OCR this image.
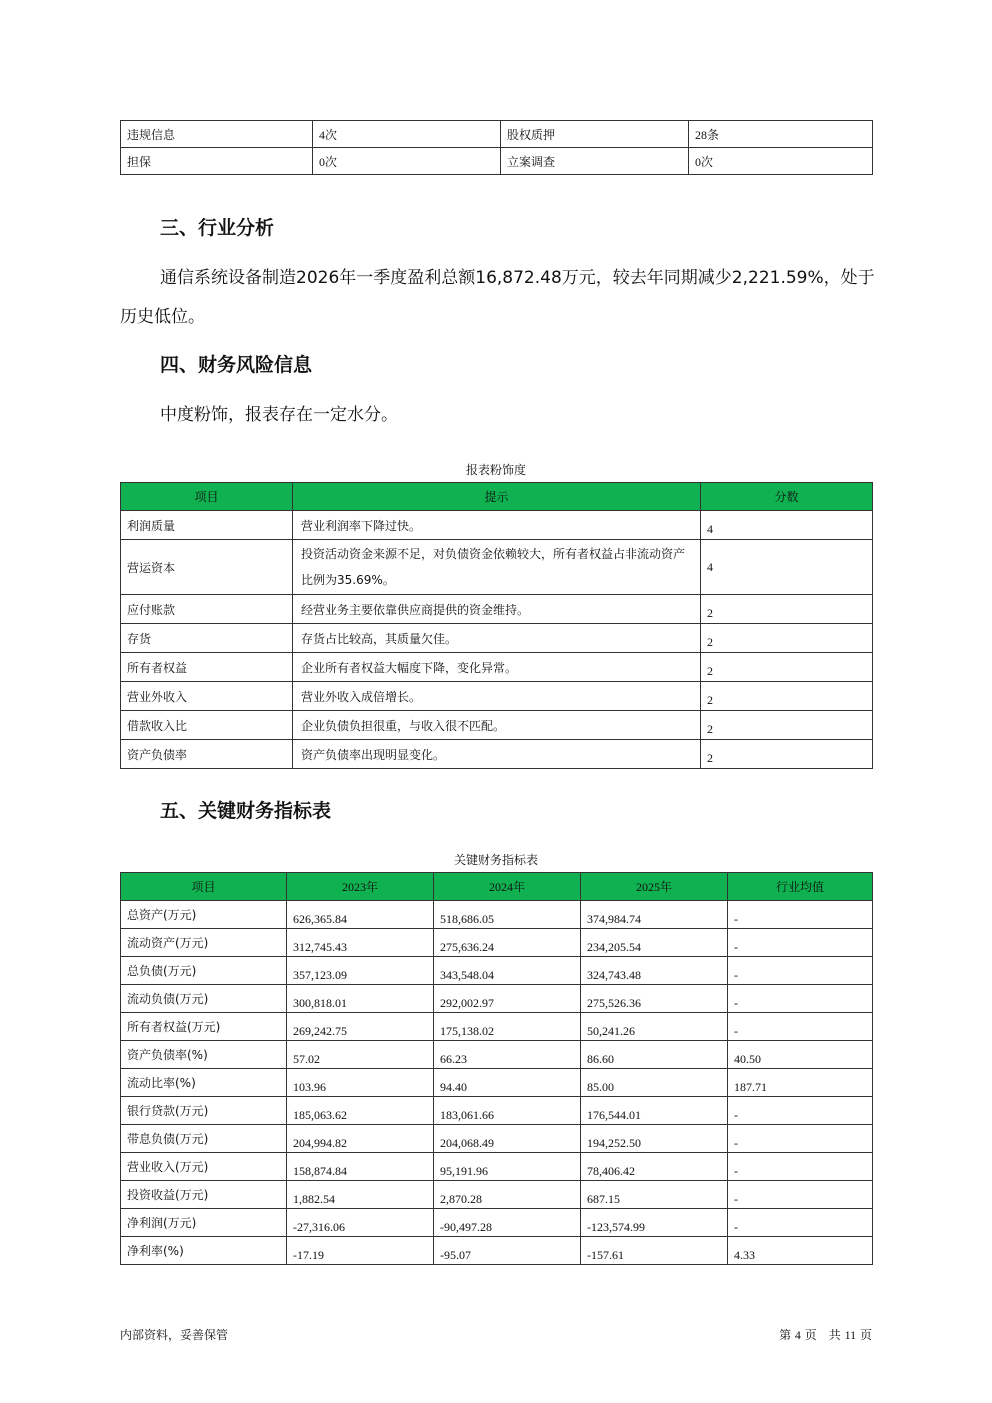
违规信息	4次	股权质押	28条
担保	0次	立案调查	0次
三、行业分析

通信系统设备制造2026年一季度盈利总额16,872.48万元，较去年同期减少2,221.59%，处于

历史低位。

四、财务风险信息

中度粉饰，报表存在一定水分。

报表粉饰度
项目	提示	分数
利润质量	营业利润率下降过快。	4
营运资本	投资活动资金来源不足，对负债资金依赖较大，所有者权益占非流动资产比例为35.69%。	4
应付账款	经营业务主要依靠供应商提供的资金维持。	2
存货	存货占比较高，其质量欠佳。	2
所有者权益	企业所有者权益大幅度下降，变化异常。	2
营业外收入	营业外收入成倍增长。	2
借款收入比	企业负债负担很重，与收入很不匹配。	2
资产负债率	资产负债率出现明显变化。	2
五、关键财务指标表
关键财务指标表
项目	2023年	2024年	2025年	行业均值
总资产(万元)	626,365.84	518,686.05	374,984.74	-
流动资产(万元)	312,745.43	275,636.24	234,205.54	-
总负债(万元)	357,123.09	343,548.04	324,743.48	-
流动负债(万元)	300,818.01	292,002.97	275,526.36	-
所有者权益(万元)	269,242.75	175,138.02	50,241.26	-
资产负债率(%)	57.02	66.23	86.60	40.50
流动比率(%)	103.96	94.40	85.00	187.71
银行贷款(万元)	185,063.62	183,061.66	176,544.01	-
带息负债(万元)	204,994.82	204,068.49	194,252.50	-
营业收入(万元)	158,874.84	95,191.96	78,406.42	-
投资收益(万元)	1,882.54	2,870.28	687.15	-
净利润(万元)	-27,316.06	-90,497.28	-123,574.99	-
净利率(%)	-17.19	-95.07	-157.61	4.33
内部资料，妥善保管	第 4 页　共 11 页
